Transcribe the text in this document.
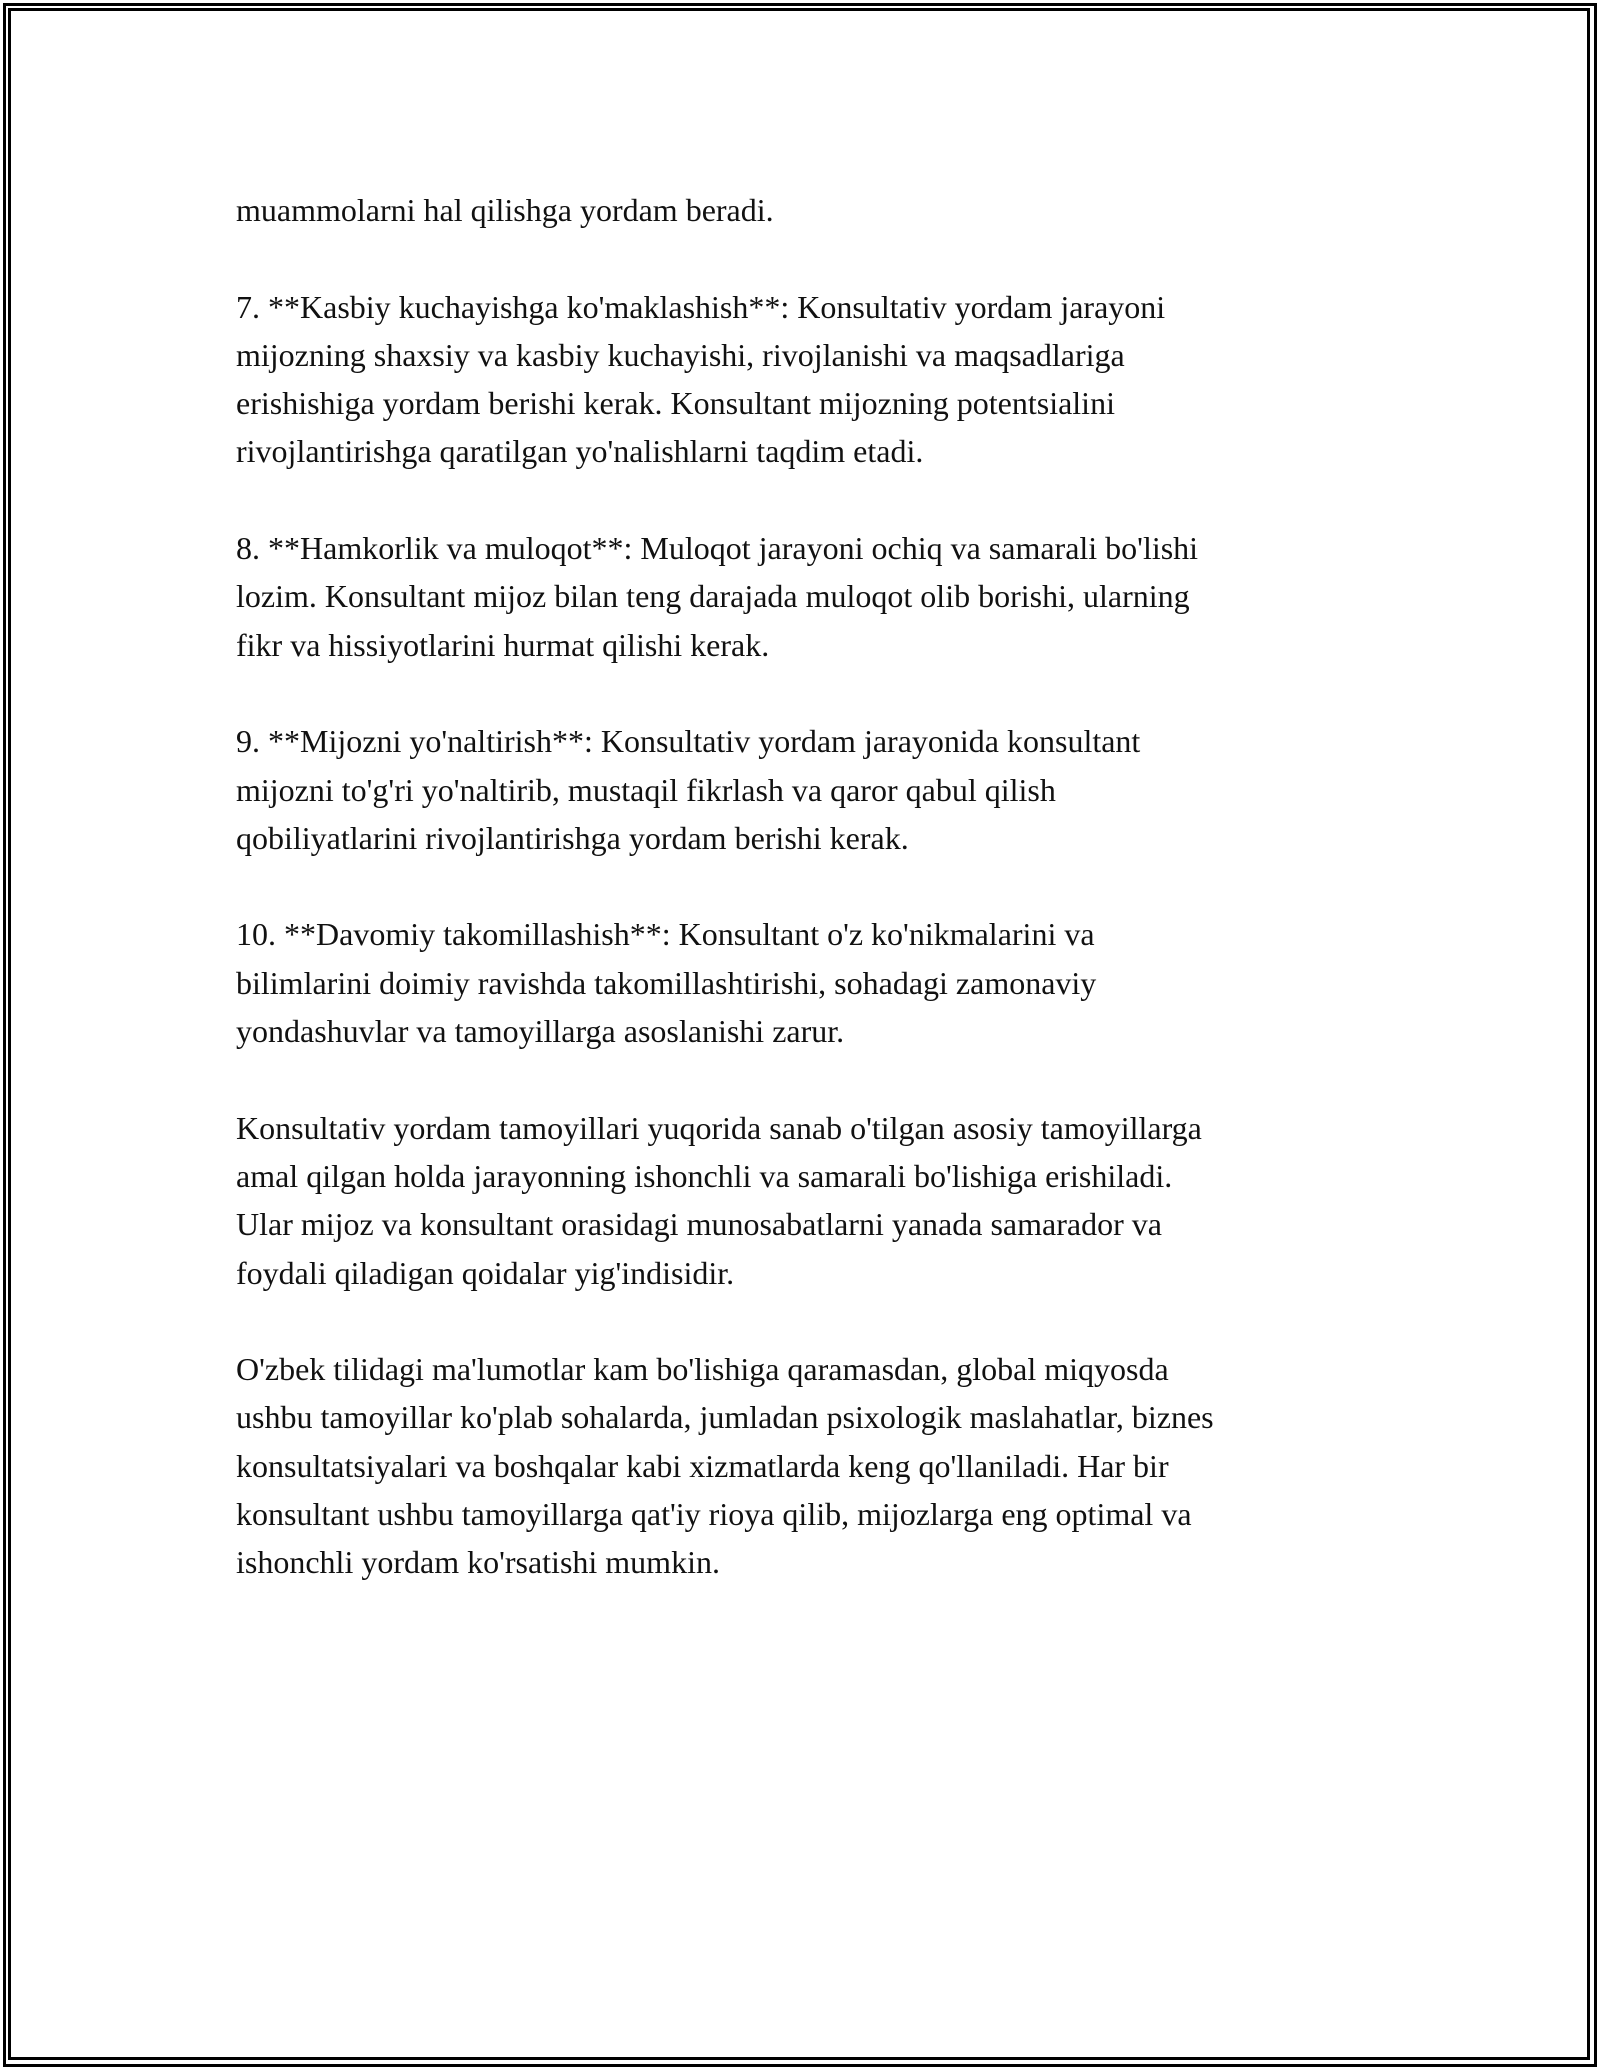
muammolarni hal qilishga yordam beradi.

7. **Kasbiy kuchayishga ko'maklashish**: Konsultativ yordam jarayoni
mijozning shaxsiy va kasbiy kuchayishi, rivojlanishi va maqsadlariga
erishishiga yordam berishi kerak. Konsultant mijozning potentsialini
rivojlantirishga qaratilgan yo'nalishlarni taqdim etadi.

8. **Hamkorlik va muloqot**: Muloqot jarayoni ochiq va samarali bo'lishi
lozim. Konsultant mijoz bilan teng darajada muloqot olib borishi, ularning
fikr va hissiyotlarini hurmat qilishi kerak.

9. **Mijozni yo'naltirish**: Konsultativ yordam jarayonida konsultant
mijozni to'g'ri yo'naltirib, mustaqil fikrlash va qaror qabul qilish
qobiliyatlarini rivojlantirishga yordam berishi kerak.

10. **Davomiy takomillashish**: Konsultant o'z ko'nikmalarini va
bilimlarini doimiy ravishda takomillashtirishi, sohadagi zamonaviy
yondashuvlar va tamoyillarga asoslanishi zarur.

Konsultativ yordam tamoyillari yuqorida sanab o'tilgan asosiy tamoyillarga
amal qilgan holda jarayonning ishonchli va samarali bo'lishiga erishiladi.
Ular mijoz va konsultant orasidagi munosabatlarni yanada samarador va
foydali qiladigan qoidalar yig'indisidir.

O'zbek tilidagi ma'lumotlar kam bo'lishiga qaramasdan, global miqyosda
ushbu tamoyillar ko'plab sohalarda, jumladan psixologik maslahatlar, biznes
konsultatsiyalari va boshqalar kabi xizmatlarda keng qo'llaniladi. Har bir
konsultant ushbu tamoyillarga qat'iy rioya qilib, mijozlarga eng optimal va
ishonchli yordam ko'rsatishi mumkin.
